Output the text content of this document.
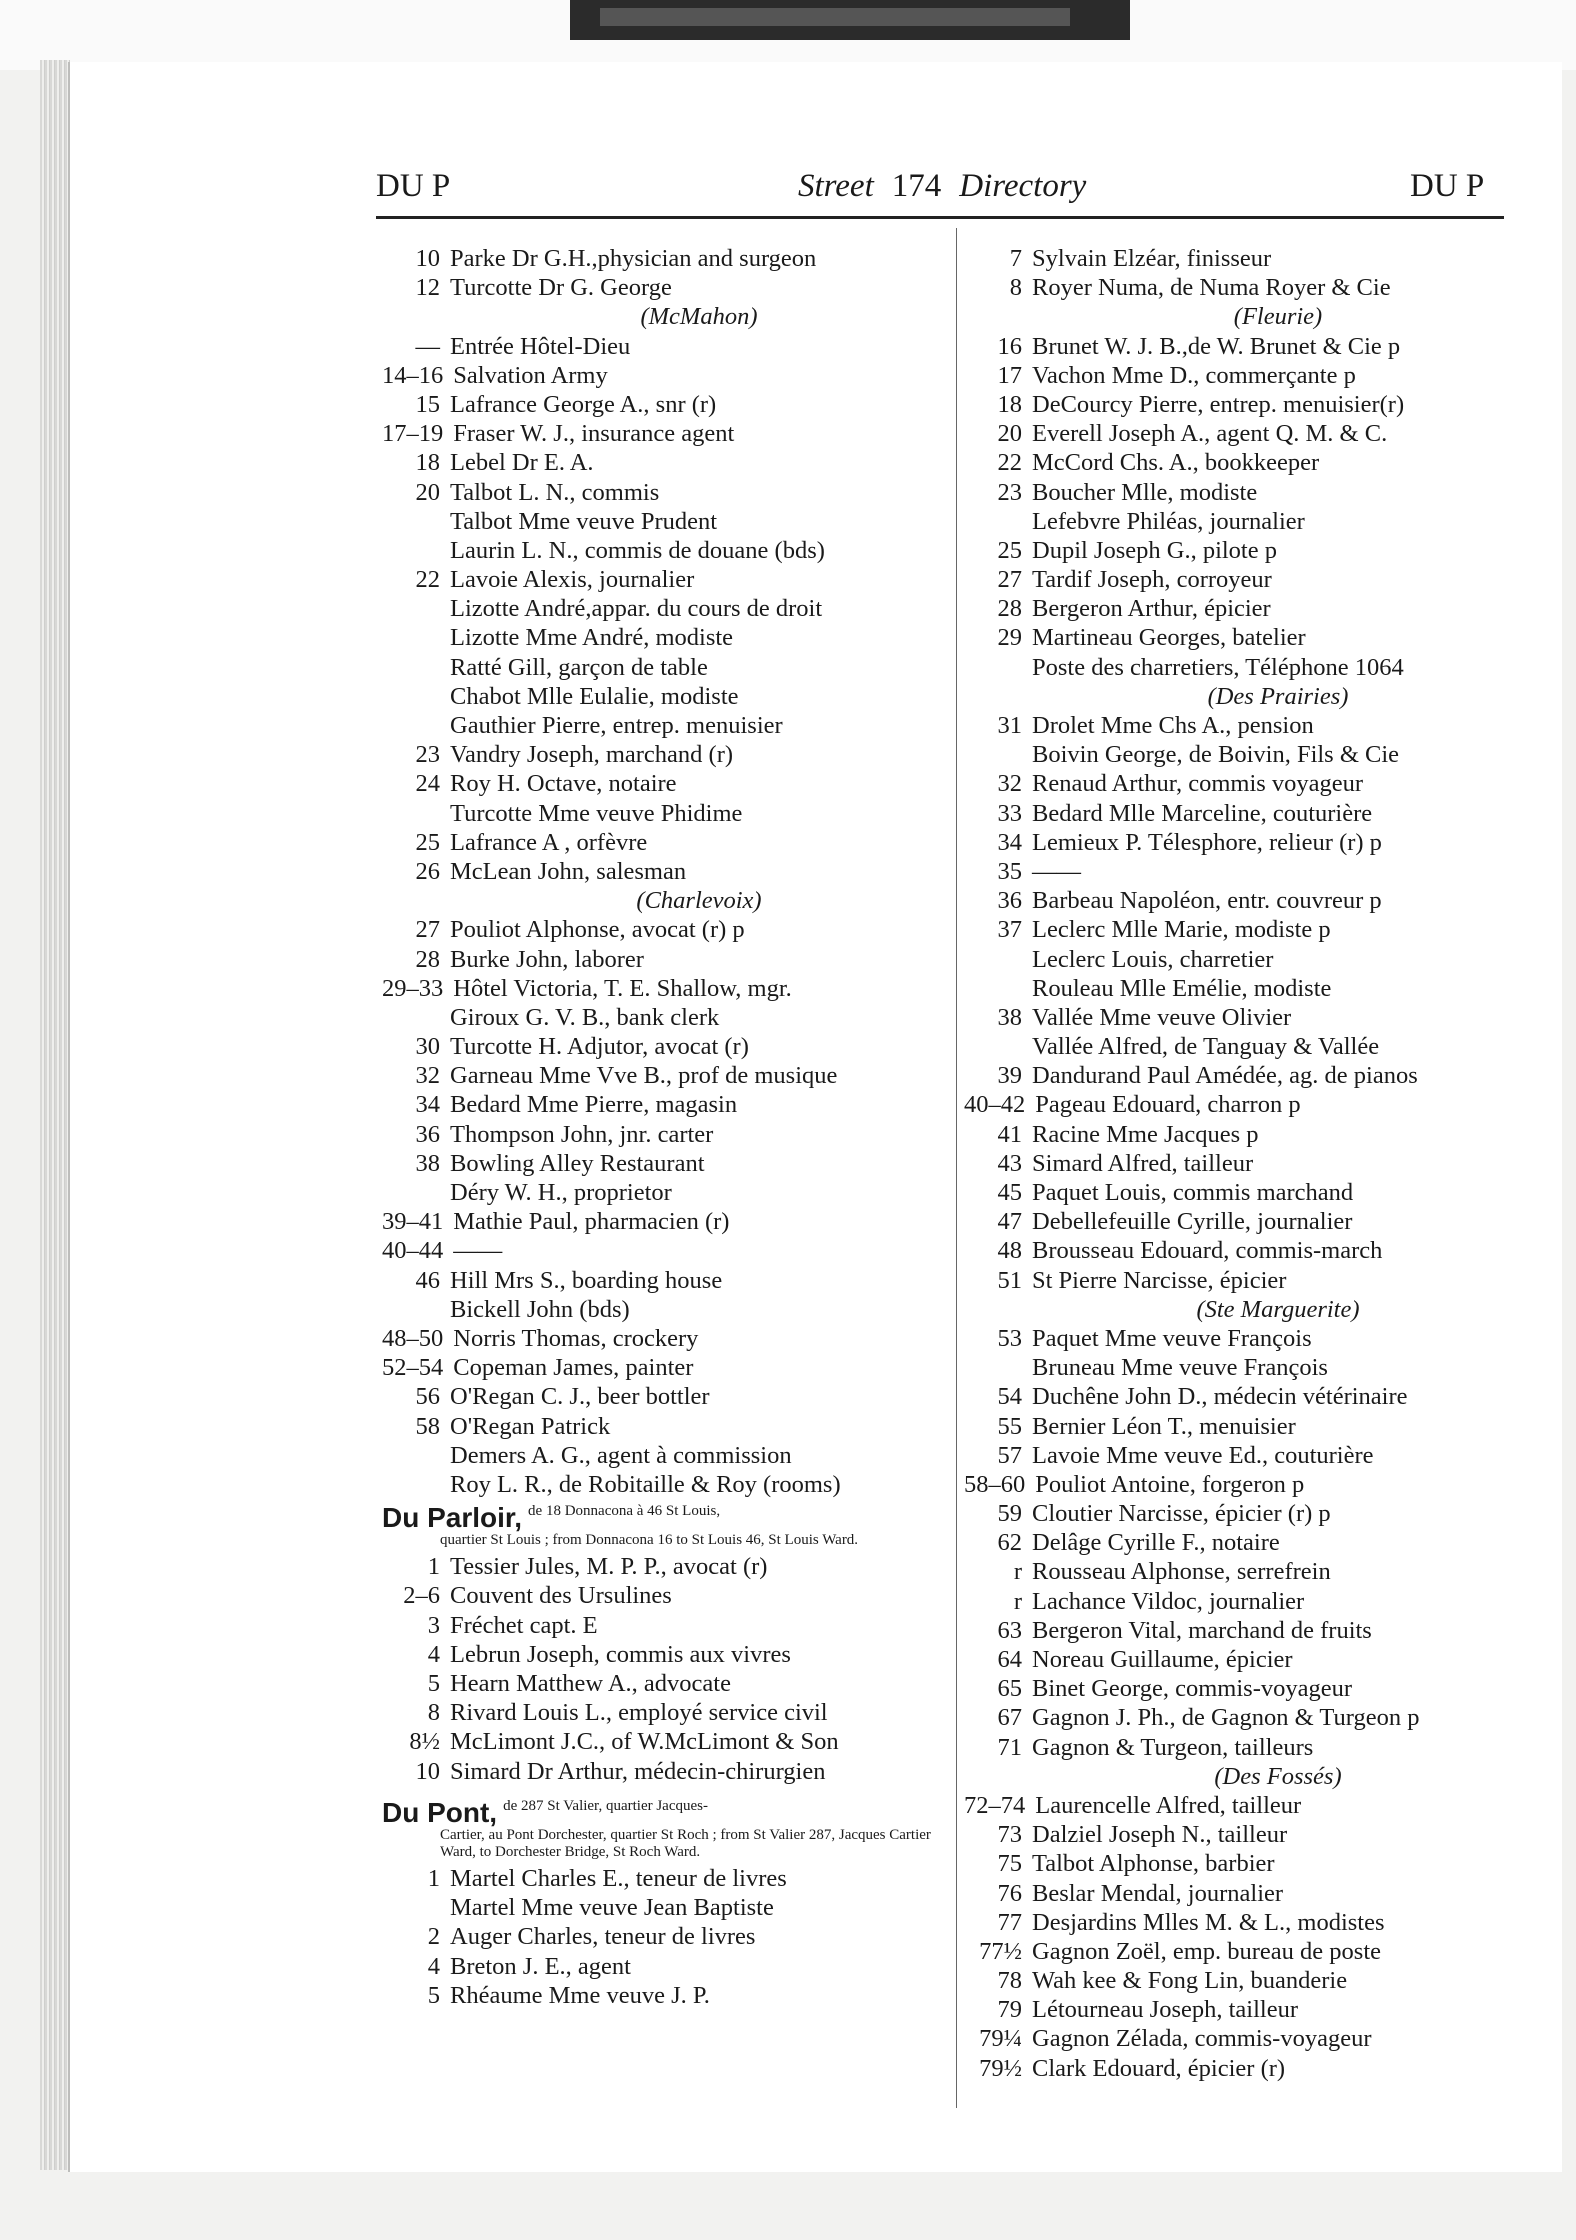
DU P	Street 174 Directory	DU P
10 Parke Dr G.H.,physician and surgeon
12 Turcotte Dr G. George
(McMahon)
— Entrée Hôtel-Dieu
14–16 Salvation Army
15 Lafrance George A., snr (r)
17–19 Fraser W. J., insurance agent
18 Lebel Dr E. A.
20 Talbot L. N., commis
Talbot Mme veuve Prudent
Laurin L. N., commis de douane (bds)
22 Lavoie Alexis, journalier
Lizotte André,appar. du cours de droit
Lizotte Mme André, modiste
Ratté Gill, garçon de table
Chabot Mlle Eulalie, modiste
Gauthier Pierre, entrep. menuisier
23 Vandry Joseph, marchand (r)
24 Roy H. Octave, notaire
Turcotte Mme veuve Phidime
25 Lafrance A , orfèvre
26 McLean John, salesman
(Charlevoix)
27 Pouliot Alphonse, avocat (r) p
28 Burke John, laborer
29–33 Hôtel Victoria, T. E. Shallow, mgr.
Giroux G. V. B., bank clerk
30 Turcotte H. Adjutor, avocat (r)
32 Garneau Mme Vve B., prof de musique
34 Bedard Mme Pierre, magasin
36 Thompson John, jnr. carter
38 Bowling Alley Restaurant
Déry W. H., proprietor
39–41 Mathie Paul, pharmacien (r)
40–44 ——
46 Hill Mrs S., boarding house
Bickell John (bds)
48–50 Norris Thomas, crockery
52–54 Copeman James, painter
56 O'Regan C. J., beer bottler
58 O'Regan Patrick
Demers A. G., agent à commission
Roy L. R., de Robitaille & Roy (rooms)
Du Parloir, de 18 Donnacona à 46 St Louis,
quartier St Louis ; from Donnacona 16 to St Louis 46, St Louis Ward.
1 Tessier Jules, M. P. P., avocat (r)
2–6 Couvent des Ursulines
3 Fréchet capt. E
4 Lebrun Joseph, commis aux vivres
5 Hearn Matthew A., advocate
8 Rivard Louis L., employé service civil
8½ McLimont J.C., of W.McLimont & Son
10 Simard Dr Arthur, médecin-chirurgien
Du Pont, de 287 St Valier, quartier Jacques-
Cartier, au Pont Dorchester, quartier St Roch ; from St Valier 287, Jacques Cartier Ward, to Dorchester Bridge, St Roch Ward.
1 Martel Charles E., teneur de livres
Martel Mme veuve Jean Baptiste
2 Auger Charles, teneur de livres
4 Breton J. E., agent
5 Rhéaume Mme veuve J. P.
7 Sylvain Elzéar, finisseur
8 Royer Numa, de Numa Royer & Cie
(Fleurie)
16 Brunet W. J. B.,de W. Brunet & Cie p
17 Vachon Mme D., commerçante p
18 DeCourcy Pierre, entrep. menuisier(r)
20 Everell Joseph A., agent Q. M. & C.
22 McCord Chs. A., bookkeeper
23 Boucher Mlle, modiste
Lefebvre Philéas, journalier
25 Dupil Joseph G., pilote p
27 Tardif Joseph, corroyeur
28 Bergeron Arthur, épicier
29 Martineau Georges, batelier
Poste des charretiers, Téléphone 1064
(Des Prairies)
31 Drolet Mme Chs A., pension
Boivin George, de Boivin, Fils & Cie
32 Renaud Arthur, commis voyageur
33 Bedard Mlle Marceline, couturière
34 Lemieux P. Télesphore, relieur (r) p
35 ——
36 Barbeau Napoléon, entr. couvreur p
37 Leclerc Mlle Marie, modiste p
Leclerc Louis, charretier
Rouleau Mlle Emélie, modiste
38 Vallée Mme veuve Olivier
Vallée Alfred, de Tanguay & Vallée
39 Dandurand Paul Amédée, ag. de pianos
40–42 Pageau Edouard, charron p
41 Racine Mme Jacques p
43 Simard Alfred, tailleur
45 Paquet Louis, commis marchand
47 Debellefeuille Cyrille, journalier
48 Brousseau Edouard, commis-march
51 St Pierre Narcisse, épicier
(Ste Marguerite)
53 Paquet Mme veuve François
Bruneau Mme veuve François
54 Duchêne John D., médecin vétérinaire
55 Bernier Léon T., menuisier
57 Lavoie Mme veuve Ed., couturière
58–60 Pouliot Antoine, forgeron p
59 Cloutier Narcisse, épicier (r) p
62 Delâge Cyrille F., notaire
r Rousseau Alphonse, serrefrein
r Lachance Vildoc, journalier
63 Bergeron Vital, marchand de fruits
64 Noreau Guillaume, épicier
65 Binet George, commis-voyageur
67 Gagnon J. Ph., de Gagnon & Turgeon p
71 Gagnon & Turgeon, tailleurs
(Des Fossés)
72–74 Laurencelle Alfred, tailleur
73 Dalziel Joseph N., tailleur
75 Talbot Alphonse, barbier
76 Beslar Mendal, journalier
77 Desjardins Mlles M. & L., modistes
77½ Gagnon Zoël, emp. bureau de poste
78 Wah kee & Fong Lin, buanderie
79 Létourneau Joseph, tailleur
79¼ Gagnon Zélada, commis-voyageur
79½ Clark Edouard, épicier (r)
